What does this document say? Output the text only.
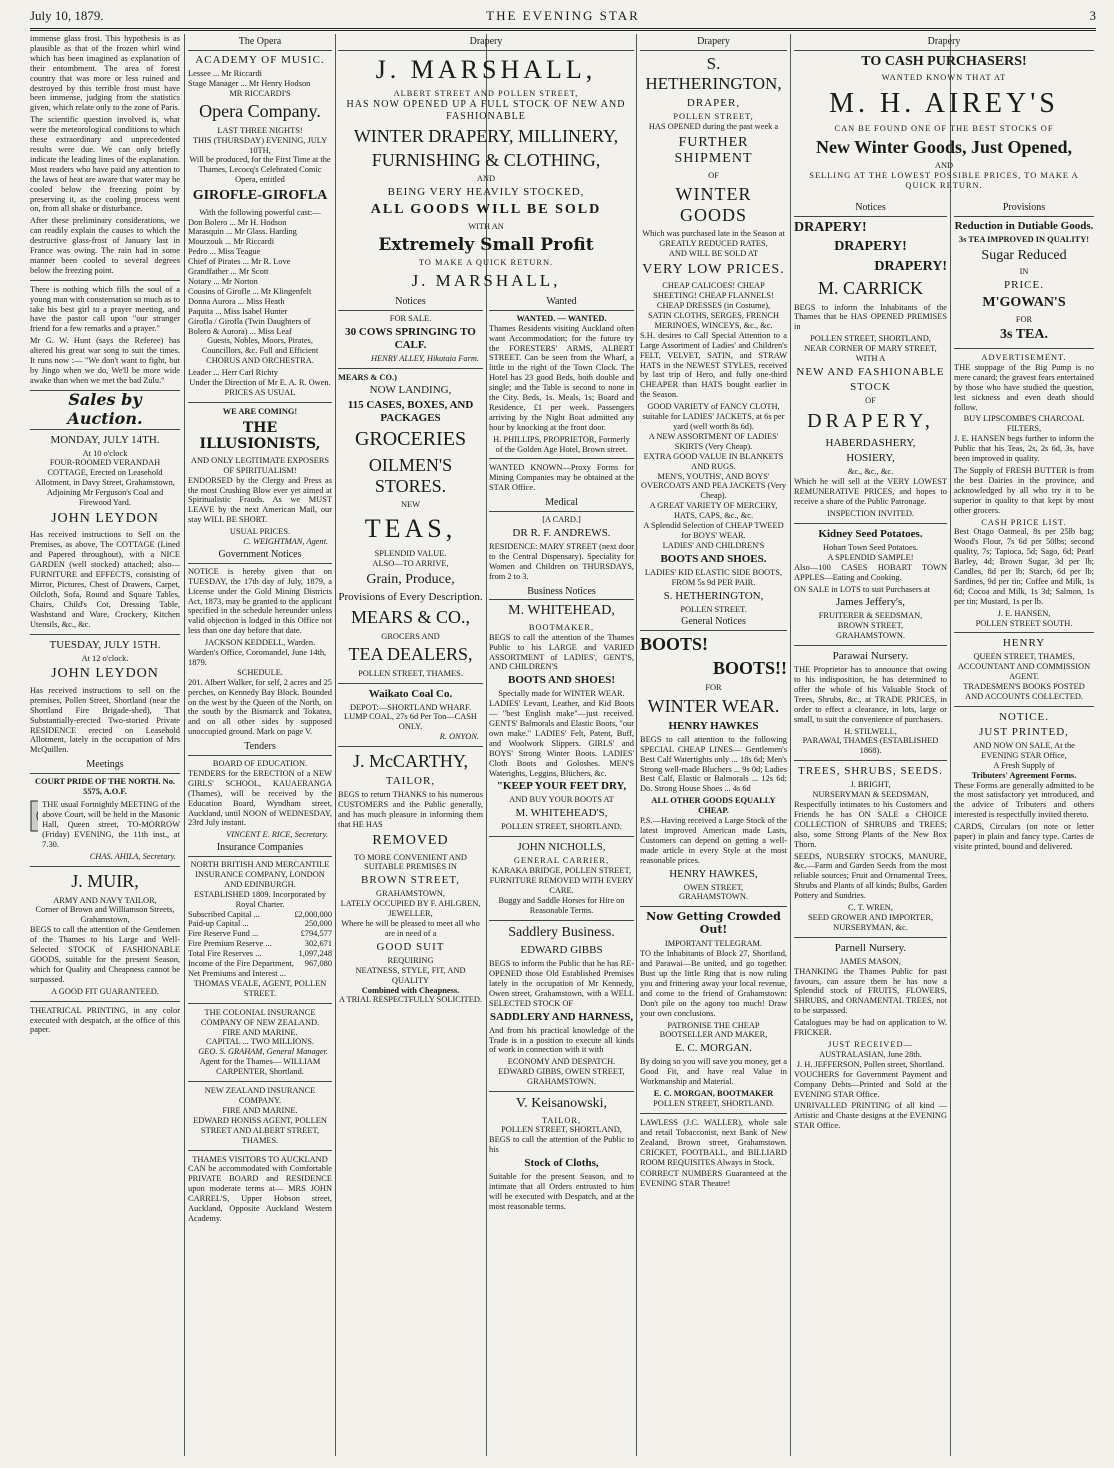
July 10, 1879.	THE EVENING STAR	3

immense glass frost. This hypothesis is as plausible as that of the frozen whirl wind which has been imagined as explanation of their entombment. The area of forest country that was more or less ruined and destroyed by this terrible frost must have been immense, judging from the statistics given, which relate only to the zone of Paris.

The scientific question involved is, what were the meteorological conditions to which these extraordinary and unprecedented results were due. We can only briefly indicate the leading lines of the explanation. Most readers who have paid any attention to the laws of heat are aware that water may be cooled below the freezing point by preserving it, as the cooling process went on, from all shake or disturbance.

After these preliminary considerations, we can readily explain the causes to which the destructive glass-frost of January last in France was owing. The rain had in some manner been cooled to several degrees below the freezing point.

There is nothing which fills the soul of a young man with consternation so much as to take his best girl to a prayer meeting, and have the pastor call upon "our stranger friend for a few remarks and a prayer."

Mr G. W. Hunt (says the Referee) has altered his great war song to suit the times. It runs now :— "We don't want to fight, but by Jingo when we do, We'll be more wide awake than when we met the bad Zulu."

Sales by Auction.
MONDAY, JULY 14TH.
At 10 o'clock

FOUR-ROOMED VERANDAH COTTAGE, Erected on Leasehold Allotment, in Davy Street, Grahamstown, Adjoining Mr Ferguson's Coal and Firewood Yard.

JOHN LEYDON

Has received instructions to Sell on the Premises, as above, The COTTAGE (Lined and Papered throughout), with a NICE GARDEN (well stocked) attached; also—FURNITURE and EFFECTS, consisting of Mirror, Pictures, Chest of Drawers, Carpet, Oilcloth, Sofa, Round and Square Tables, Chairs, Child's Cot, Dressing Table, Washstand and Ware, Crockery, Kitchen Utensils, &c., &c.

TUESDAY, JULY 15TH.
At 12 o'clock.
JOHN LEYDON

Has received instructions to sell on the premises, Pollen Street, Shortland (near the Shortland Fire Brigade-shed), That Substantially-erected Two-storied Private RESIDENCE erected on Leasehold Allotment, lately in the occupation of Mrs McQuillen.

Meetings
COURT PRIDE OF THE NORTH. No. 5575, A.O.F.

THE usual Fortnightly MEETING of the above Court, will be held in the Masonic Hall, Queen street, TO-MORROW (Friday) EVENING, the 11th inst., at 7.30.

CHAS. AHILA, Secretary.
J. MUIR,
ARMY AND NAVY TAILOR,
Corner of Brown and Williamson Streets, Grahamstown,

BEGS to call the attention of the Gentlemen of the Thames to his Large and Well-Selected STOCK of FASHIONABLE GOODS, suitable for the present Season, which for Quality and Cheapness cannot be surpassed.

A GOOD FIT GUARANTEED.

THEATRICAL PRINTING, in any color executed with despatch, at the office of this paper.

The Opera
ACADEMY OF MUSIC.
Lessee ... Mr Riccardi
Stage Manager ... Mr Henry Hodson
MR RICCARDI'S
Opera Company.
LAST THREE NIGHTS!
THIS (THURSDAY) EVENING, JULY 10TH,

Will be produced, for the First Time at the Thames, Lecocq's Celebrated Comic Opera, entitled

GIROFLE-GIROFLA
With the following powerful cast:—
Don Bolero ... Mr H. Hodson
Marasquin ... Mr Glass. Harding
Mourzouk ... Mr Riccardi
Pedro ... Miss Teague
Chief of Pirates ... Mr R. Love
Grandfather ... Mr Scott
Notary ... Mr Norton
Cousins of Girofle ... Mr Klingenfelt
Donna Aurora ... Miss Heath
Paquita ... Miss Isabel Hunter
Girofla / Girofla (Twin Daughters of Bolero & Aurora) ... Miss Leaf

Guests, Nobles, Moors, Pirates, Councillors, &c. Full and Efficient CHORUS AND ORCHESTRA.

Leader ... Herr Carl Richty
Under the Direction of Mr E. A. R. Owen.
PRICES AS USUAL
WE ARE COMING!
THE ILLUSIONISTS,
AND ONLY LEGITIMATE EXPOSERS OF SPIRITUALISM!

ENDORSED by the Clergy and Press as the most Crushing Blow ever yet aimed at Spiritualistic Frauds. As we MUST LEAVE by the next American Mail, our stay WILL BE SHORT.

USUAL PRICES.
C. WEIGHTMAN, Agent.
Government Notices

NOTICE is hereby given that on TUESDAY, the 17th day of July, 1879, a License under the Gold Mining Districts Act, 1873, may be granted to the applicant specified in the schedule hereunder unless valid objection is lodged in this Office not less than one day before that date.

JACKSON KEDDELL, Warden.
Warden's Office, Coromandel, June 14th, 1879.
SCHEDULE.

201. Albert Walker, for self, 2 acres and 25 perches, on Kennedy Bay Block. Bounded on the west by the Queen of the North, on the south by the Bismarck and Tokatea, and on all other sides by supposed unoccupied ground. Mark on page V.

Tenders
BOARD OF EDUCATION.

TENDERS for the ERECTION of a NEW GIRLS' SCHOOL, KAUAERANGA (Thames), will be received by the Education Board, Wyndham street, Auckland, until NOON of WEDNESDAY, 23rd July instant.

VINCENT E. RICE, Secretary.
Insurance Companies
NORTH BRITISH AND MERCANTILE INSURANCE COMPANY, LONDON AND EDINBURGH.
ESTABLISHED 1809. Incorporated by Royal Charter.
Subscribed Capital ...	£2,000,000
Paid-up Capital ...	250,000
Fire Reserve Fund ...	£794,577
Fire Premium Reserve ...	302,671
Total Fire Reserves ...	1,097,248
Income of the Fire Department, Net Premiums and Interest ...
967,080
THOMAS VEALE, AGENT, POLLEN STREET.
THE COLONIAL INSURANCE COMPANY OF NEW ZEALAND.
FIRE AND MARINE.
CAPITAL ... TWO MILLIONS.
GEO. S. GRAHAM, General Manager.
Agent for the Thames— WILLIAM CARPENTER, Shortland.
NEW ZEALAND INSURANCE COMPANY.
FIRE AND MARINE.
EDWARD HONISS AGENT, POLLEN STREET AND ALBERT STREET, THAMES.
THAMES VISITORS TO AUCKLAND

CAN be accommodated with Comfortable PRIVATE BOARD and RESIDENCE upon moderate terms at— MRS JOHN CARREL'S, Upper Hobson street, Auckland, Opposite Auckland Western Academy.

Drapery
J. MARSHALL,
ALBERT STREET AND POLLEN STREET,
HAS NOW OPENED UP A FULL STOCK OF NEW AND FASHIONABLE
WINTER DRAPERY, MILLINERY,
FURNISHING & CLOTHING,
AND
BEING VERY HEAVILY STOCKED,
ALL GOODS WILL BE SOLD
WITH AN
Extremely Small Profit
TO MAKE A QUICK RETURN.
J. MARSHALL,
Notices
FOR SALE.
30 COWS SPRINGING TO CALF.
HENRY ALLEY, Hikutaia Farm.
MEARS & CO.)
NOW LANDING,
115 CASES, BOXES, AND PACKAGES
GROCERIES
OILMEN'S STORES.
NEW
TEAS,
SPLENDID VALUE.
ALSO—TO ARRIVE,
Grain, Produce,
Provisions of Every Description.
MEARS & CO.,
GROCERS AND
TEA DEALERS,
POLLEN STREET, THAMES.
Waikato Coal Co.
DEPOT:—SHORTLAND WHARF.
LUMP COAL, 27s 6d Per Ton—CASH ONLY.
R. ONYON.
J. McCARTHY,
TAILOR,

BEGS to return THANKS to his numerous CUSTOMERS and the Public generally, and has much pleasure in informing them that HE HAS

REMOVED
TO MORE CONVENIENT AND SUITABLE PREMISES IN
BROWN STREET,
GRAHAMSTOWN,
LATELY OCCUPIED BY F. AHLGREN, JEWELLER,
Where he will be pleased to meet all who are in need of a
GOOD SUIT
REQUIRING
NEATNESS, STYLE, FIT, AND QUALITY
Combined with Cheapness.
A TRIAL RESPECTFULLY SOLICITED.
Wanted
WANTED. — WANTED.

Thames Residents visiting Auckland often want Accommodation; for the future try the FORESTERS' ARMS, ALBERT STREET. Can be seen from the Wharf, a little to the right of the Town Clock. The Hotel has 23 good Beds, both double and single; and the Table is second to none in the City. Beds, 1s. Meals, 1s; Board and Residence, £1 per week. Passengers arriving by the Night Boat admitted any hour by knocking at the front door.

H. PHILLIPS, PROPRIETOR, Formerly of the Golden Age Hotel, Brown street.

WANTED KNOWN—Proxy Forms for Mining Companies may be obtained at the STAR Office.

Medical
[A CARD.]
DR R. F. ANDREWS.

RESIDENCE: MARY STREET (next door to the Central Dispensary). Speciality for Women and Children on THURSDAYS, from 2 to 3.

Business Notices
M. WHITEHEAD,
BOOTMAKER,

BEGS to call the attention of the Thames Public to his LARGE and VARIED ASSORTMENT of LADIES', GENT'S, AND CHILDREN'S

BOOTS AND SHOES!
Specially made for WINTER WEAR.

LADIES' Levant, Leather, and Kid Boots— "best English make"—just received. GENTS' Balmorals and Elastic Boots, "our own make." LADIES' Felt, Patent, Buff, and Woolwork Slippers. GIRLS' and BOYS' Strong Winter Boots. LADIES' Cloth Boots and Goloshes. MEN'S Waterights, Leggins, Blüchers, &c.

"KEEP YOUR FEET DRY,
AND BUY YOUR BOOTS AT
M. WHITEHEAD'S,
POLLEN STREET, SHORTLAND.
JOHN NICHOLLS,
GENERAL CARRIER,
KARAKA BRIDGE, POLLEN STREET,
FURNITURE REMOVED WITH EVERY CARE.
Buggy and Saddle Horses for Hire on Reasonable Terms.
Saddlery Business.
EDWARD GIBBS

BEGS to inform the Public that he has RE-OPENED those Old Established Premises lately in the occupation of Mr Kennedy, Owen street, Grahamstown, with a WELL SELECTED STOCK OF

SADDLERY AND HARNESS,

And from his practical knowledge of the Trade is in a position to execute all kinds of work in connection with it with

ECONOMY AND DESPATCH.
EDWARD GIBBS, OWEN STREET, GRAHAMSTOWN.
V. Keisanowski,
TAILOR,
POLLEN STREET, SHORTLAND,

BEGS to call the attention of the Public to his

Stock of Cloths,

Suitable for the present Season, and to intimate that all Orders entrusted to him will be executed with Despatch, and at the most reasonable terms.

Drapery
S. HETHERINGTON,
DRAPER,
POLLEN STREET,
HAS OPENED during the past week a
FURTHER SHIPMENT
OF
WINTER GOODS
Which was purchased late in the Season at GREATLY REDUCED RATES,
AND WILL BE SOLD AT
VERY LOW PRICES.
CHEAP CALICOES! CHEAP SHEETING! CHEAP FLANNELS!
CHEAP DRESSES (in Costume),
SATIN CLOTHS, SERGES, FRENCH MERINOES, WINCEYS, &c., &c.

S.H. desires to Call Special Attention to a Large Assortment of Ladies' and Children's FELT, VELVET, SATIN, and STRAW HATS in the NEWEST STYLES, received by last trip of Hero, and fully one-third CHEAPER than HATS bought earlier in the Season.

GOOD VARIETY of FANCY CLOTH, suitable for LADIES' JACKETS, at 6s per yard (well worth 8s 6d).
A NEW ASSORTMENT OF LADIES' SKIRTS (Very Cheap).
EXTRA GOOD VALUE IN BLANKETS AND RUGS.
MEN'S, YOUTHS', AND BOYS' OVERCOATS AND PEA JACKETS (Very Cheap).
A GREAT VARIETY OF MERCERY, HATS, CAPS, &c., &c.
A Splendid Selection of CHEAP TWEED for BOYS' WEAR.
LADIES' AND CHILDREN'S
BOOTS AND SHOES.
LADIES' KID ELASTIC SIDE BOOTS, FROM 5s 9d PER PAIR.
S. HETHERINGTON,
POLLEN STREET.
General Notices
BOOTS!
BOOTS!!
FOR
WINTER WEAR.
HENRY HAWKES

BEGS to call attention to the following SPECIAL CHEAP LINES— Gentlemen's Best Calf Watertights only ... 18s 6d; Men's Strong well-made Bluchers ... 9s 0d; Ladies Best Calf, Elastic or Balmorals ... 12s 6d; Do. Strong House Shoes ... 4s 6d

ALL OTHER GOODS EQUALLY CHEAP.

P.S.—Having received a Large Stock of the latest improved American made Lasts, Customers can depend on getting a well-made article in every Style at the most reasonable prices.

HENRY HAWKES,
OWEN STREET,
GRAHAMSTOWN.
Now Getting Crowded Out!
IMPORTANT TELEGRAM.

TO the Inhabitants of Block 27, Shortland, and Parawai—Be united, and go together. Bust up the little Ring that is now ruling you and frittering away your local revenue, and come to the friend of Grahamstown: Don't pile on the agony too much! Draw your own conclusions.

PATRONISE THE CHEAP BOOTSELLER AND MAKER,
E. C. MORGAN.

By doing so you will save you money, get a Good Fit, and have real Value in Workmanship and Material.

E. C. MORGAN, BOOTMAKER
POLLEN STREET, SHORTLAND.

LAWLESS (J.C. WALLER), whole sale and retail Tobacconist, next Bank of New Zealand, Brown street, Grahamstown. CRICKET, FOOTBALL, and BILLIARD ROOM REQUISITES Always in Stock.

CORRECT NUMBERS Guaranteed at the EVENING STAR Theatre!

Drapery
TO CASH PURCHASERS!
WANTED KNOWN THAT AT
M. H. AIREY'S
CAN BE FOUND ONE OF THE BEST STOCKS OF
New Winter Goods, Just Opened,
AND
SELLING AT THE LOWEST POSSIBLE PRICES, TO MAKE A QUICK RETURN.
Notices
DRAPERY!
DRAPERY!
DRAPERY!
M. CARRICK

BEGS to inform the Inhabitants of the Thames that he HAS OPENED PREMISES in

POLLEN STREET, SHORTLAND,
NEAR CORNER OF MARY STREET, WITH A
NEW AND FASHIONABLE
STOCK
OF
DRAPERY,
HABERDASHERY,
HOSIERY,
&c., &c., &c.

Which he will sell at the VERY LOWEST REMUNERATIVE PRICES, and hopes to receive a share of the Public Patronage.

INSPECTION INVITED.
Kidney Seed Potatoes.
Hobart Town Seed Potatoes.
A SPLENDID SAMPLE!

Also—100 CASES HOBART TOWN APPLES—Eating and Cooking.

ON SALE in LOTS to suit Purchasers at

James Jeffery's,
FRUITERER & SEEDSMAN,
BROWN STREET,
GRAHAMSTOWN.
Parawai Nursery.

THE Proprietor has to announce that owing to his indisposition, he has determined to offer the whole of his Valuable Stock of Trees, Shrubs, &c., at TRADE PRICES, in order to effect a clearance, in lots, large or small, to suit the convenience of purchasers.

H. STILWELL,
PARAWAI, THAMES (ESTABLISHED 1868).
TREES, SHRUBS, SEEDS.
J. BRIGHT,
NURSERYMAN & SEEDSMAN,

Respectfully intimates to his Customers and Friends he has ON SALE a CHOICE COLLECTION of SHRUBS and TREES; also, some Strong Plants of the New Box Thorn.

SEEDS, NURSERY STOCKS, MANURE, &c.—Farm and Garden Seeds from the most reliable sources; Fruit and Ornamental Trees, Shrubs and Plants of all kinds; Bulbs, Garden Pottery and Sundries.

C. T. WREN,
SEED GROWER AND IMPORTER, NURSERYMAN, &c.
Parnell Nursery.
JAMES MASON,

THANKING the Thames Public for past favours, can assure them he has now a Splendid stock of FRUITS, FLOWERS, SHRUBS, and ORNAMENTAL TREES, not to be surpassed.

Catalogues may be had on application to W. FRICKER.

JUST RECEIVED—
AUSTRALASIAN, June 28th.
J. H. JEFFERSON, Pollen street, Shortland.

VOUCHERS for Government Payment and Company Debts—Printed and Sold at the EVENING STAR Office.

UNRIVALLED PRINTING of all kind —Artistic and Chaste designs at the EVENING STAR Office.

Provisions
Reduction in Dutiable Goods.
3s TEA IMPROVED IN QUALITY!
Sugar Reduced
IN
PRICE.
M'GOWAN'S
FOR
3s TEA.
ADVERTISEMENT.

THE stoppage of the Big Pump is no mere canard; the gravest fears entertained by those who have studied the question, lest sickness and even death should follow.

BUY LIPSCOMBE'S CHARCOAL FILTERS,

J. E. HANSEN begs further to inform the Public that his Teas, 2s, 2s 6d, 3s, have been improved in quality.

The Supply of FRESH BUTTER is from the best Dairies in the province, and acknowledged by all who try it to be superior in quality to that kept by most other grocers.

CASH PRICE LIST.

Best Otago Oatmeal, 8s per 25lb bag; Wood's Flour, 7s 6d per 50lbs; second quality, 7s; Tapioca, 5d; Sago, 6d; Pearl Barley, 4d; Brown Sugar, 3d per lb; Candles, 8d per lb; Starch, 6d per lb; Sardines, 9d per tin; Coffee and Milk, 1s 6d; Cocoa and Milk, 1s 3d; Salmon, 1s per tin; Mustard, 1s per lb.

J. E. HANSEN,
POLLEN STREET SOUTH.
HENRY
QUEEN STREET, THAMES,
ACCOUNTANT AND COMMISSION AGENT.
TRADESMEN'S BOOKS POSTED AND ACCOUNTS COLLECTED.
NOTICE.
JUST PRINTED,
AND NOW ON SALE, At the EVENING STAR Office,
A Fresh Supply of
Tributers' Agreement Forms.

These Forms are generally admitted to be the most satisfactory yet introduced, and the advice of Tributers and others interested is respectfully invited thereto.

CARDS, Circulars (on note or letter paper) in plain and fancy type. Cartes de visite printed, bound and delivered.
